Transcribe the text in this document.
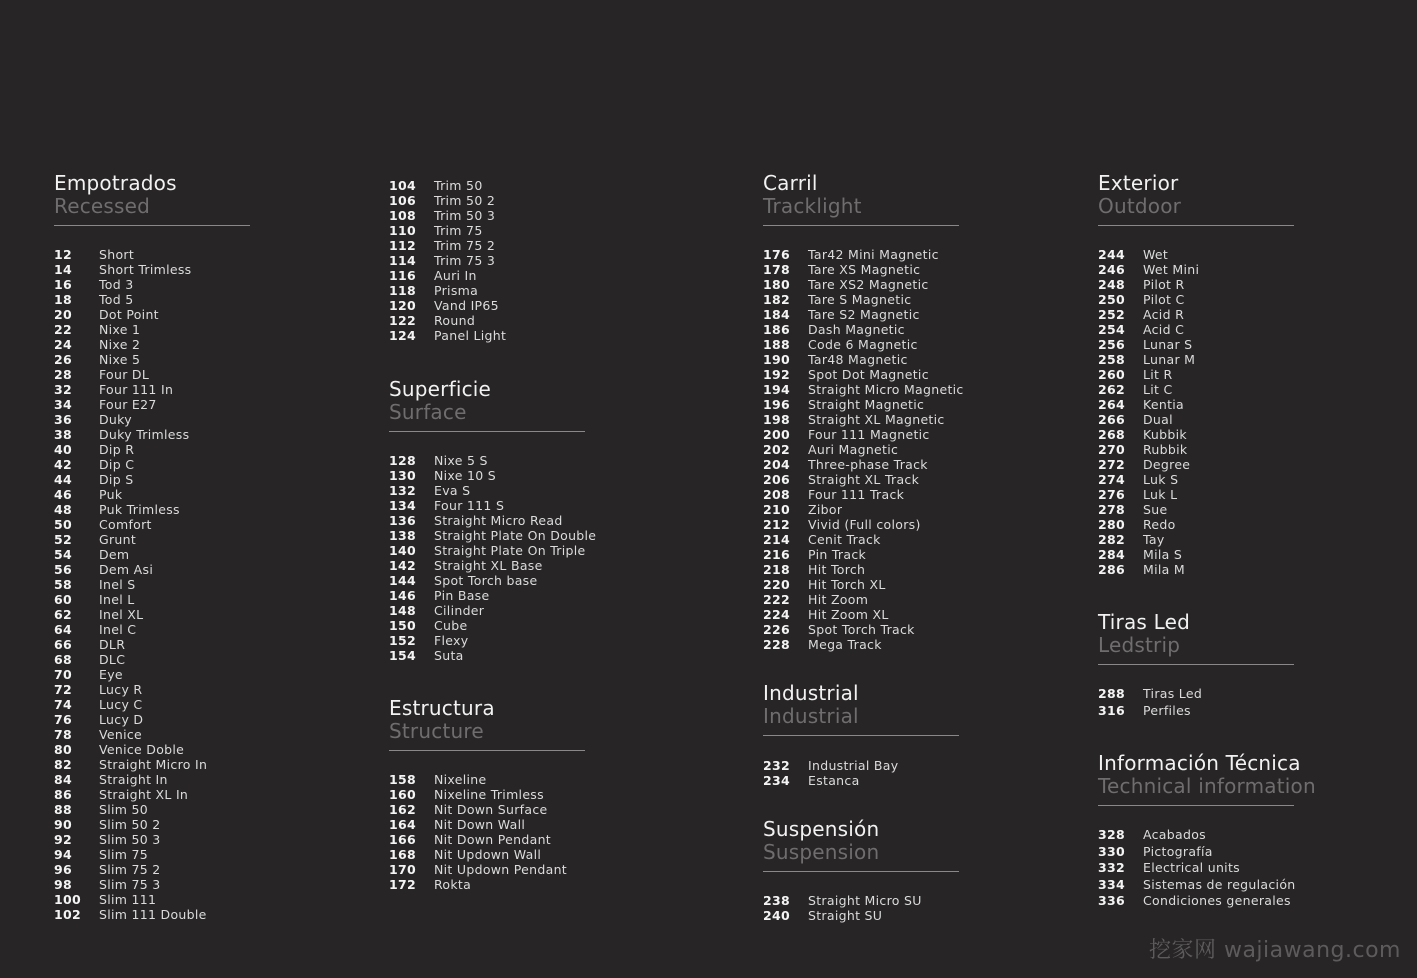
Empotrados
Recessed
12 Short
14 Short Trimless
16 Tod 3
18 Tod 5
20 Dot Point
22 Nixe 1
24 Nixe 2
26 Nixe 5
28 Four DL
32 Four 111 In
34 Four E27
36 Duky
38 Duky Trimless
40 Dip R
42 Dip C
44 Dip S
46 Puk
48 Puk Trimless
50 Comfort
52 Grunt
54 Dem
56 Dem Asi
58 Inel S
60 Inel L
62 Inel XL
64 Inel C
66 DLR
68 DLC
70 Eye
72 Lucy R
74 Lucy C
76 Lucy D
78 Venice
80 Venice Doble
82 Straight Micro In
84 Straight In
86 Straight XL In
88 Slim 50
90 Slim 50 2
92 Slim 50 3
94 Slim 75
96 Slim 75 2
98 Slim 75 3
100 Slim 111
102 Slim 111 Double
104 Trim 50
106 Trim 50 2
108 Trim 50 3
110 Trim 75
112 Trim 75 2
114 Trim 75 3
116 Auri In
118 Prisma
120 Vand IP65
122 Round
124 Panel Light
Superficie
Surface
128 Nixe 5 S
130 Nixe 10 S
132 Eva S
134 Four 111 S
136 Straight Micro Read
138 Straight Plate On Double
140 Straight Plate On Triple
142 Straight XL Base
144 Spot Torch base
146 Pin Base
148 Cilinder
150 Cube
152 Flexy
154 Suta
Estructura
Structure
158 Nixeline
160 Nixeline Trimless
162 Nit Down Surface
164 Nit Down Wall
166 Nit Down Pendant
168 Nit Updown Wall
170 Nit Updown Pendant
172 Rokta
Carril
Tracklight
176 Tar42 Mini Magnetic
178 Tare XS Magnetic
180 Tare XS2 Magnetic
182 Tare S Magnetic
184 Tare S2 Magnetic
186 Dash Magnetic
188 Code 6 Magnetic
190 Tar48 Magnetic
192 Spot Dot Magnetic
194 Straight Micro Magnetic
196 Straight Magnetic
198 Straight XL Magnetic
200 Four 111 Magnetic
202 Auri Magnetic
204 Three-phase Track
206 Straight XL Track
208 Four 111 Track
210 Zibor
212 Vivid (Full colors)
214 Cenit Track
216 Pin Track
218 Hit Torch
220 Hit Torch XL
222 Hit Zoom
224 Hit Zoom XL
226 Spot Torch Track
228 Mega Track
Industrial
Industrial
232 Industrial Bay
234 Estanca
Suspensión
Suspension
238 Straight Micro SU
240 Straight SU
Exterior
Outdoor
244 Wet
246 Wet Mini
248 Pilot R
250 Pilot C
252 Acid R
254 Acid C
256 Lunar S
258 Lunar M
260 Lit R
262 Lit C
264 Kentia
266 Dual
268 Kubbik
270 Rubbik
272 Degree
274 Luk S
276 Luk L
278 Sue
280 Redo
282 Tay
284 Mila S
286 Mila M
Tiras Led
Ledstrip
288 Tiras Led
316 Perfiles
Información Técnica
Technical information
328 Acabados
330 Pictografía
332 Electrical units
334 Sistemas de regulación
336 Condiciones generales
挖家网 wajiawang.com
